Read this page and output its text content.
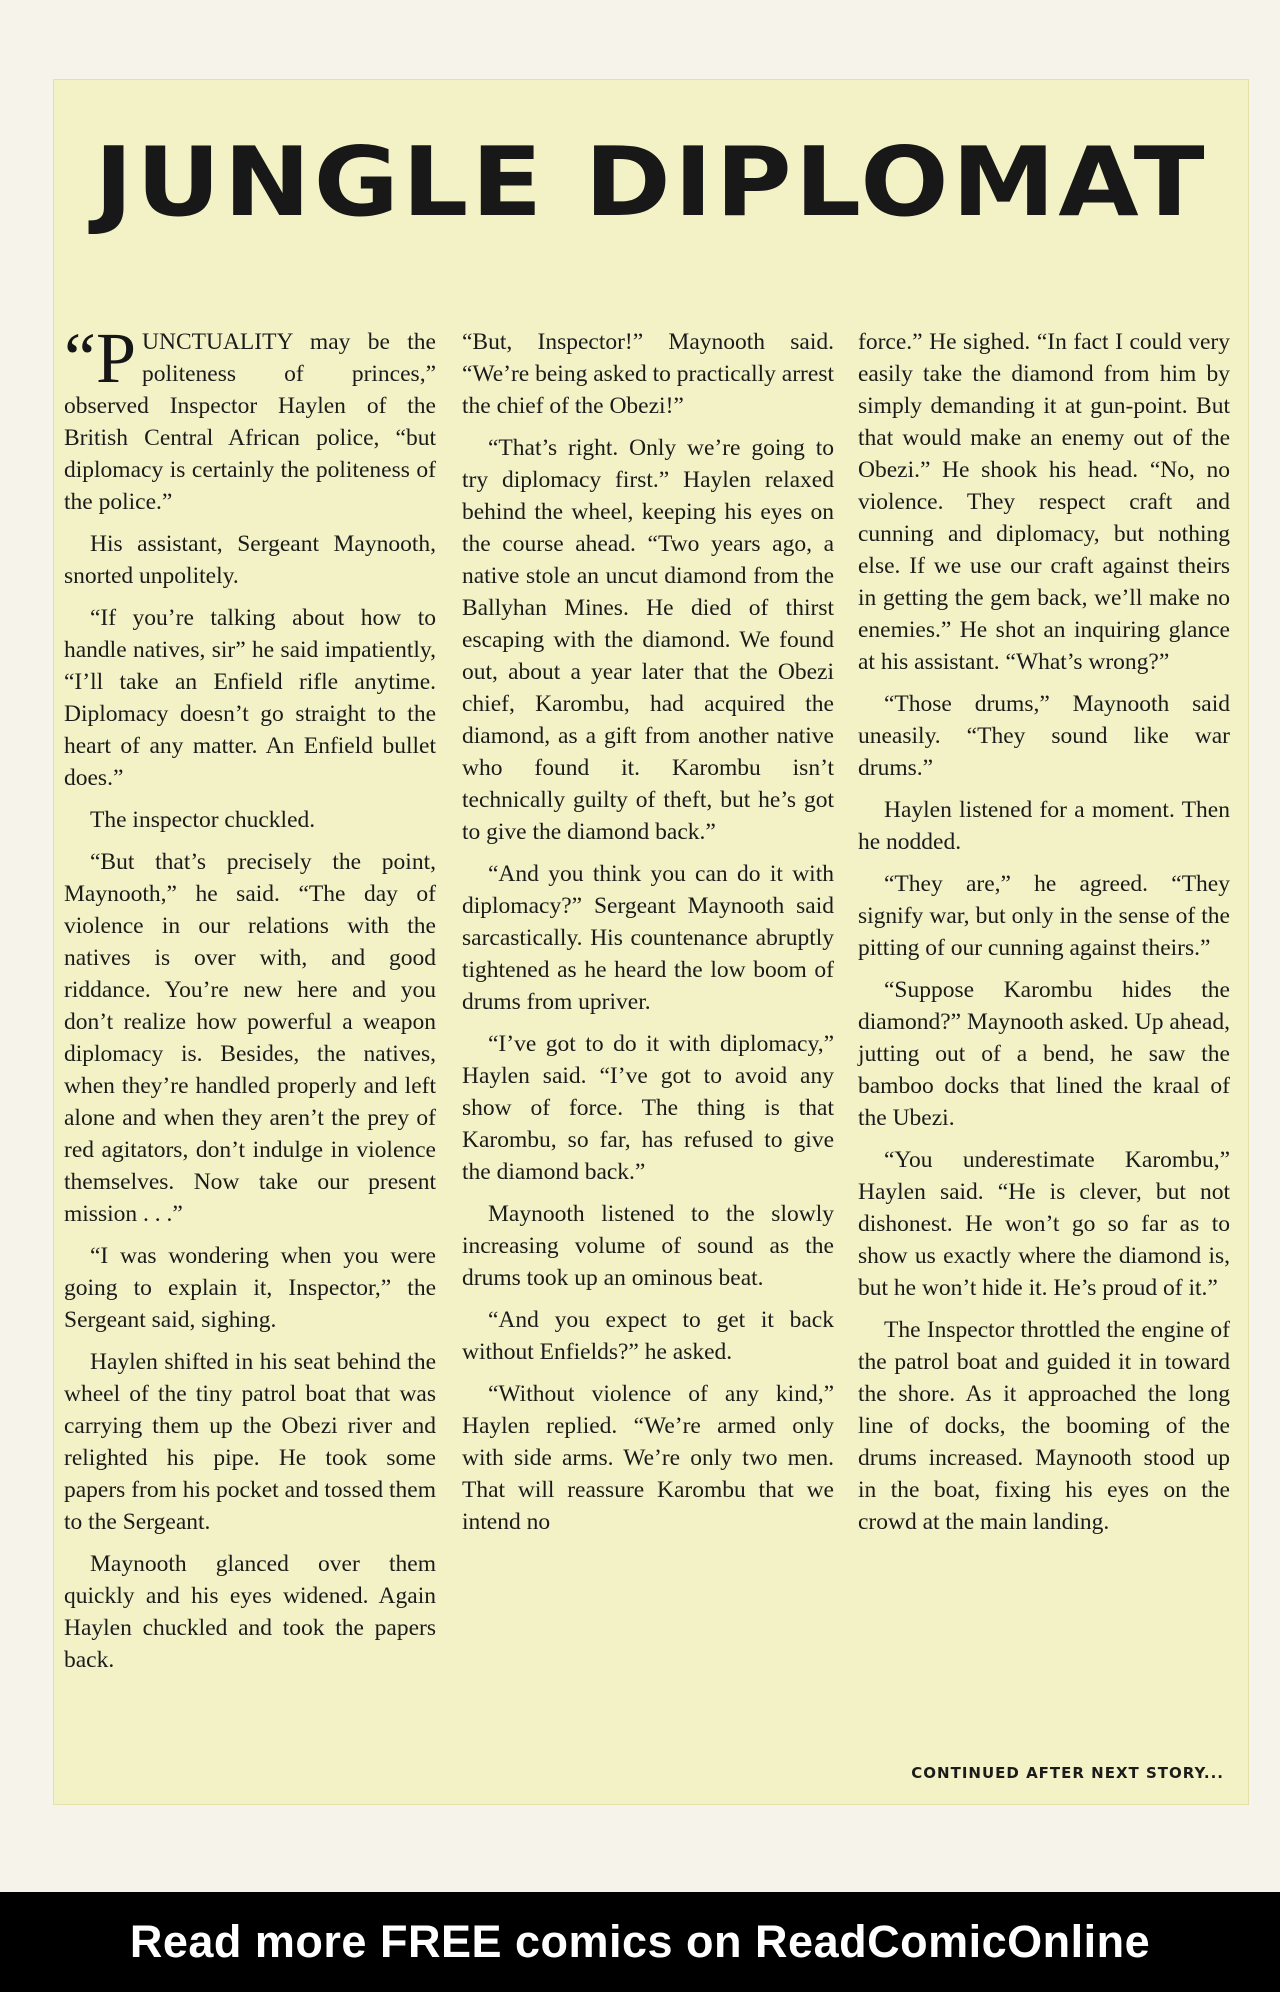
JUNGLE DIPLOMAT

“P UNCTUALITY may be the politeness of princes,” observed Inspector Haylen of the British Central African police, “but diplomacy is certainly the politeness of the police.”

His assistant, Sergeant Maynooth, snorted unpolitely.

“If you’re talking about how to handle natives, sir” he said impatiently, “I’ll take an Enfield rifle anytime. Diplomacy doesn’t go straight to the heart of any matter. An Enfield bullet does.”

The inspector chuckled.

“But that’s precisely the point, Maynooth,” he said. “The day of violence in our relations with the natives is over with, and good riddance. You’re new here and you don’t realize how powerful a weapon diplomacy is. Besides, the natives, when they’re handled properly and left alone and when they aren’t the prey of red agitators, don’t indulge in violence themselves. Now take our present mission . . .”

“I was wondering when you were going to explain it, Inspector,” the Sergeant said, sighing.

Haylen shifted in his seat behind the wheel of the tiny patrol boat that was carrying them up the Obezi river and relighted his pipe. He took some papers from his pocket and tossed them to the Sergeant.

Maynooth glanced over them quickly and his eyes widened. Again Haylen chuckled and took the papers back.

“But, Inspector!” Maynooth said. “We’re being asked to practically arrest the chief of the Obezi!”

“That’s right. Only we’re going to try diplomacy first.” Haylen relaxed behind the wheel, keeping his eyes on the course ahead. “Two years ago, a native stole an uncut diamond from the Ballyhan Mines. He died of thirst escaping with the diamond. We found out, about a year later that the Obezi chief, Karombu, had acquired the diamond, as a gift from another native who found it. Karombu isn’t technically guilty of theft, but he’s got to give the diamond back.”

“And you think you can do it with diplomacy?” Sergeant Maynooth said sarcastically. His countenance abruptly tightened as he heard the low boom of drums from upriver.

“I’ve got to do it with diplomacy,” Haylen said. “I’ve got to avoid any show of force. The thing is that Karombu, so far, has refused to give the diamond back.”

Maynooth listened to the slowly increasing volume of sound as the drums took up an ominous beat.

“And you expect to get it back without Enfields?” he asked.

“Without violence of any kind,” Haylen replied. “We’re armed only with side arms. We’re only two men. That will reassure Karombu that we intend no

force.” He sighed. “In fact I could very easily take the diamond from him by simply demanding it at gun-point. But that would make an enemy out of the Obezi.” He shook his head. “No, no violence. They respect craft and cunning and diplomacy, but nothing else. If we use our craft against theirs in getting the gem back, we’ll make no enemies.” He shot an inquiring glance at his assistant. “What’s wrong?”

“Those drums,” Maynooth said uneasily. “They sound like war drums.”

Haylen listened for a moment. Then he nodded.

“They are,” he agreed. “They signify war, but only in the sense of the pitting of our cunning against theirs.”

“Suppose Karombu hides the diamond?” Maynooth asked. Up ahead, jutting out of a bend, he saw the bamboo docks that lined the kraal of the Ubezi.

“You underestimate Karombu,” Haylen said. “He is clever, but not dishonest. He won’t go so far as to show us exactly where the diamond is, but he won’t hide it. He’s proud of it.”

The Inspector throttled the engine of the patrol boat and guided it in toward the shore. As it approached the long line of docks, the booming of the drums increased. Maynooth stood up in the boat, fixing his eyes on the crowd at the main landing.

CONTINUED AFTER NEXT STORY...

Read more FREE comics on ReadComicOnline
